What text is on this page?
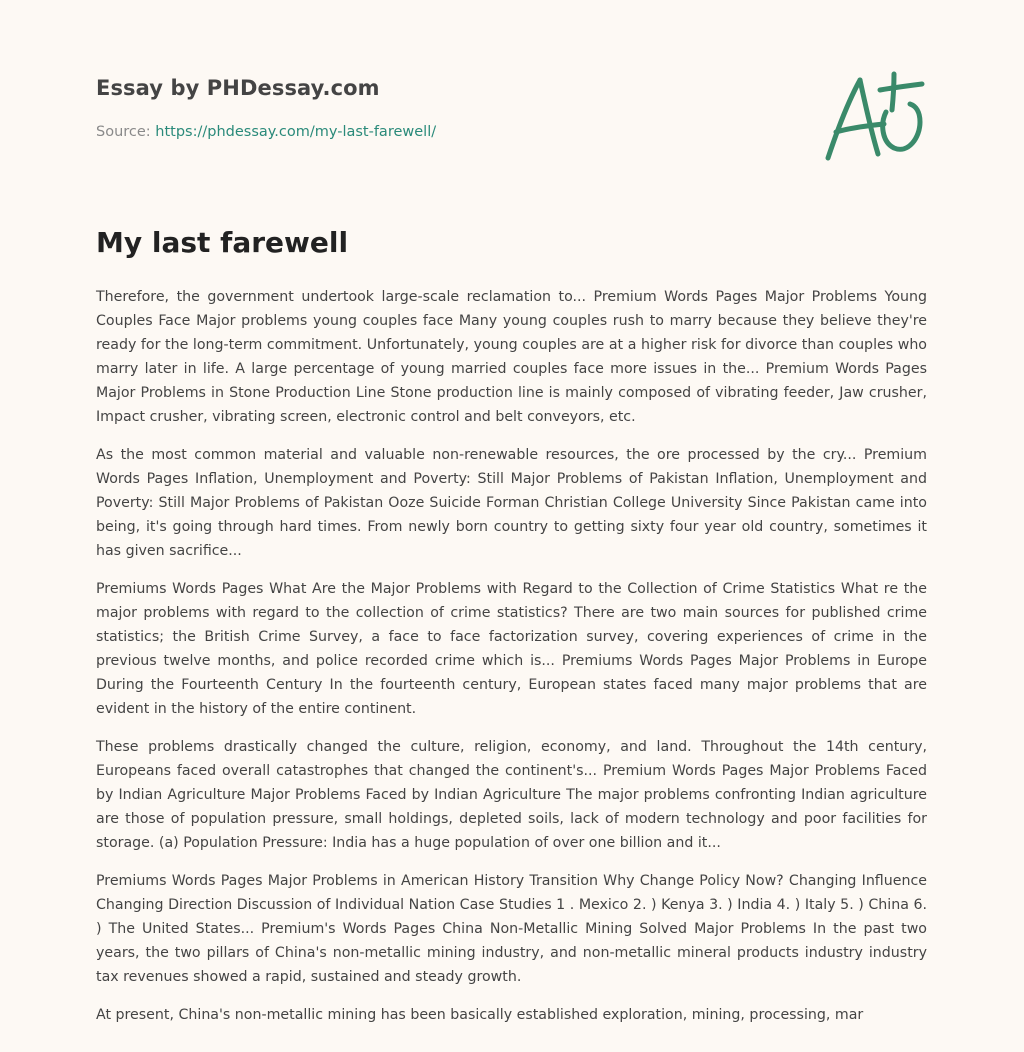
Essay by PHDessay.com

Source: https://phdessay.com/my-last-farewell/

My last farewell

Therefore, the government undertook large-scale reclamation to... Premium Words Pages Major Problems Young Couples Face Major problems young couples face Many young couples rush to marry because they believe they're ready for the long-term commitment. Unfortunately, young couples are at a higher risk for divorce than couples who marry later in life. A large percentage of young married couples face more issues in the... Premium Words Pages Major Problems in Stone Production Line Stone production line is mainly composed of vibrating feeder, Jaw crusher, Impact crusher, vibrating screen, electronic control and belt conveyors, etc.

As the most common material and valuable non-renewable resources, the ore processed by the cry... Premium Words Pages Inflation, Unemployment and Poverty: Still Major Problems of Pakistan Inflation, Unemployment and Poverty: Still Major Problems of Pakistan Ooze Suicide Forman Christian College University Since Pakistan came into being, it's going through hard times. From newly born country to getting sixty four year old country, sometimes it has given sacrifice...

Premiums Words Pages What Are the Major Problems with Regard to the Collection of Crime Statistics What re the major problems with regard to the collection of crime statistics? There are two main sources for published crime statistics; the British Crime Survey, a face to face factorization survey, covering experiences of crime in the previous twelve months, and police recorded crime which is... Premiums Words Pages Major Problems in Europe During the Fourteenth Century In the fourteenth century, European states faced many major problems that are evident in the history of the entire continent.

These problems drastically changed the culture, religion, economy, and land. Throughout the 14th century, Europeans faced overall catastrophes that changed the continent's... Premium Words Pages Major Problems Faced by Indian Agriculture Major Problems Faced by Indian Agriculture The major problems confronting Indian agriculture are those of population pressure, small holdings, depleted soils, lack of modern technology and poor facilities for storage. (a) Population Pressure: India has a huge population of over one billion and it...

Premiums Words Pages Major Problems in American History Transition Why Change Policy Now? Changing Influence Changing Direction Discussion of Individual Nation Case Studies 1 . Mexico 2. ) Kenya 3. ) India 4. ) Italy 5. ) China 6. ) The United States... Premium's Words Pages China Non-Metallic Mining Solved Major Problems In the past two years, the two pillars of China's non-metallic mining industry, and non-metallic mineral products industry industry tax revenues showed a rapid, sustained and steady growth.

At present, China's non-metallic mining has been basically established exploration, mining, processing, mar
